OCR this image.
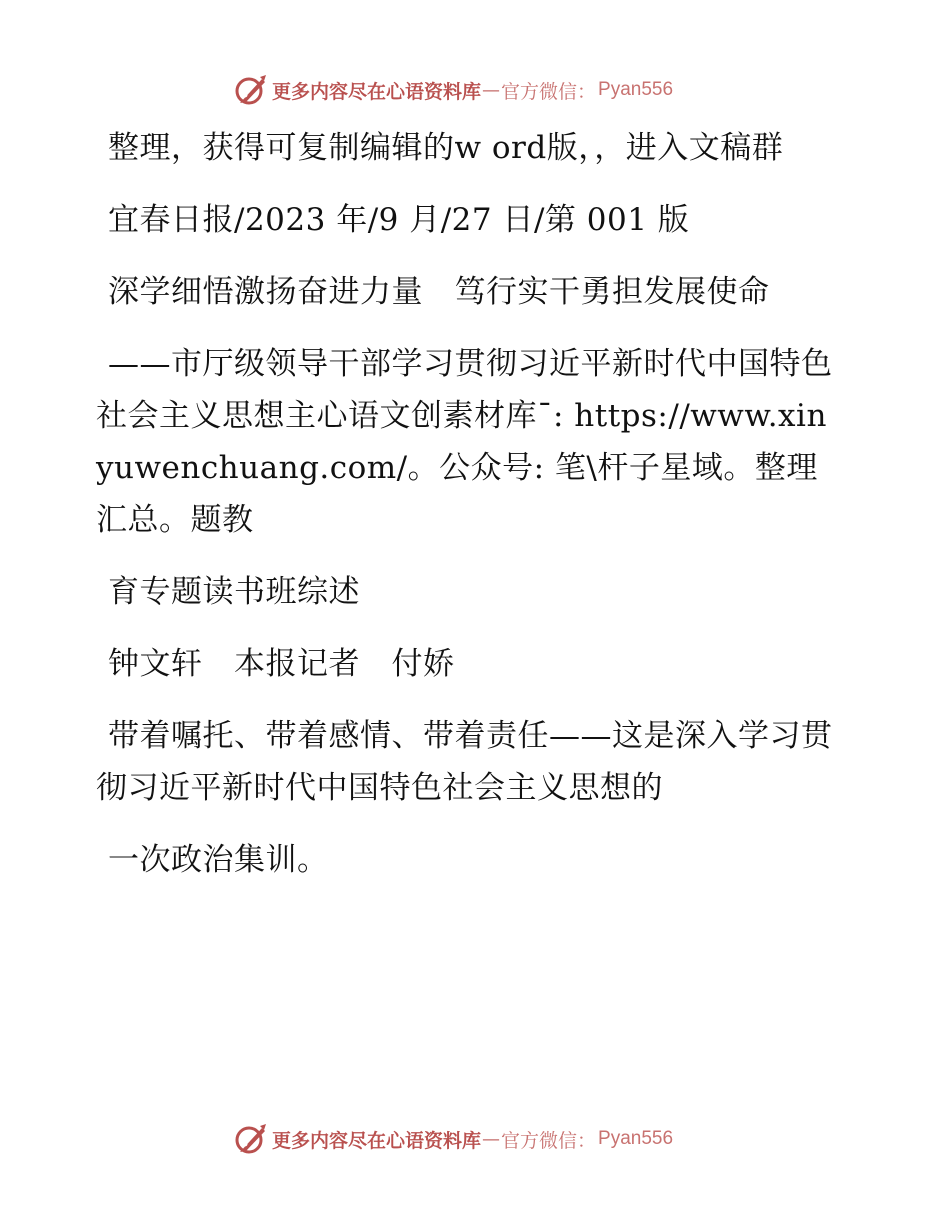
更多内容尽在心语资料库 — 官方微信： Pyan556

整理，获得可复制编辑的w ord版，，进入文稿群

宜春日报/2023 年/9 月/27 日/第 001 版

深学细悟激扬奋进力量　笃行实干勇担发展使命

——市厅级领导干部学习贯彻习近平新时代中国特色社会主义思想主心语文创素材库¯: https://www.xinyuwenchuang.com/。公众号: 笔\杆子星域。整理汇总。题教

育专题读书班综述

钟文轩　本报记者　付娇

带着嘱托、带着感情、带着责任——这是深入学习贯彻习近平新时代中国特色社会主义思想的

一次政治集训。

更多内容尽在心语资料库 — 官方微信： Pyan556
